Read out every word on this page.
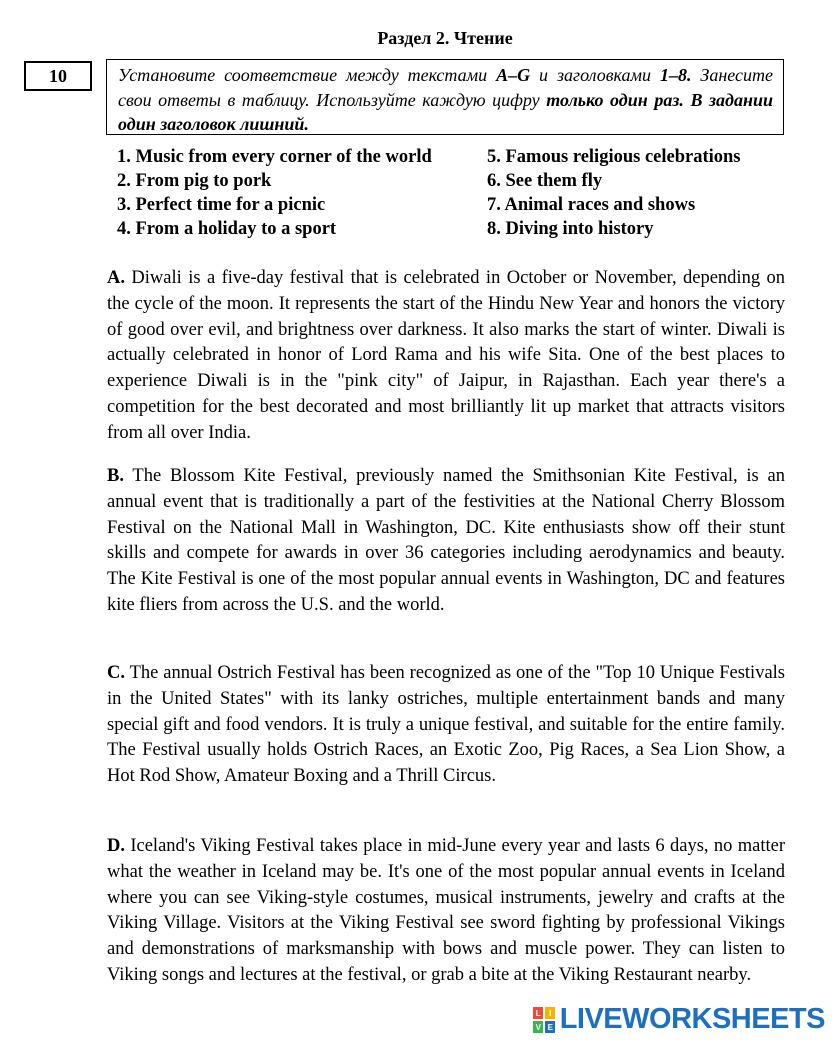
Раздел 2. Чтение
10	Установите соответствие между текстами A–G и заголовками 1–8. Занесите свои ответы в таблицу. Используйте каждую цифру только один раз. В задании один заголовок лишний.
1. Music from every corner of the world	5. Famous religious celebrations
2. From pig to pork	6. See them fly
3. Perfect time for a picnic	7. Animal races and shows
4. From a holiday to a sport	8. Diving into history

A. Diwali is a five-day festival that is celebrated in October or November, depending on the cycle of the moon. It represents the start of the Hindu New Year and honors the victory of good over evil, and brightness over darkness. It also marks the start of winter. Diwali is actually celebrated in honor of Lord Rama and his wife Sita. One of the best places to experience Diwali is in the "pink city" of Jaipur, in Rajasthan. Each year there's a competition for the best decorated and most brilliantly lit up market that attracts visitors from all over India.

B. The Blossom Kite Festival, previously named the Smithsonian Kite Festival, is an annual event that is traditionally a part of the festivities at the National Cherry Blossom Festival on the National Mall in Washington, DC. Kite enthusiasts show off their stunt skills and compete for awards in over 36 categories including aerodynamics and beauty. The Kite Festival is one of the most popular annual events in Washington, DC and features kite fliers from across the U.S. and the world.

C. The annual Ostrich Festival has been recognized as one of the "Top 10 Unique Festivals in the United States" with its lanky ostriches, multiple entertainment bands and many special gift and food vendors. It is truly a unique festival, and suitable for the entire family. The Festival usually holds Ostrich Races, an Exotic Zoo, Pig Races, a Sea Lion Show, a Hot Rod Show, Amateur Boxing and a Thrill Circus.

D. Iceland's Viking Festival takes place in mid-June every year and lasts 6 days, no matter what the weather in Iceland may be. It's one of the most popular annual events in Iceland where you can see Viking-style costumes, musical instruments, jewelry and crafts at the Viking Village. Visitors at the Viking Festival see sword fighting by professional Vikings and demonstrations of marksmanship with bows and muscle power. They can listen to Viking songs and lectures at the festival, or grab a bite at the Viking Restaurant nearby.

L I
V E LIVEWORKSHEETS
